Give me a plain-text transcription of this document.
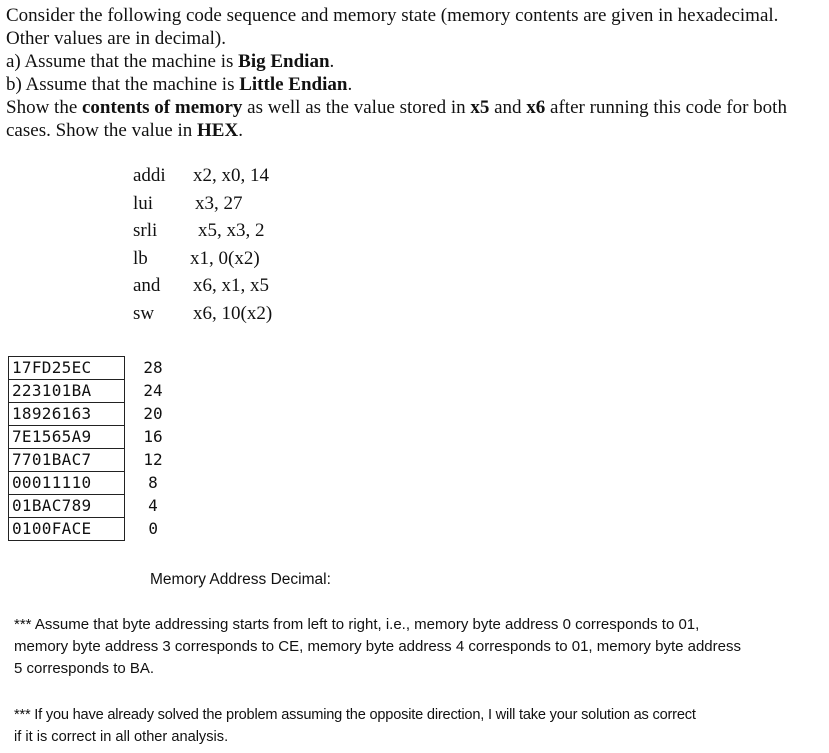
Consider the following code sequence and memory state (memory contents are given in hexadecimal.
Other values are in decimal).
a) Assume that the machine is Big Endian.
b) Assume that the machine is Little Endian.
Show the contents of memory as well as the value stored in x5 and x6 after running this code for both
cases. Show the value in HEX.
addi x2, x0, 14
lui x3, 27
srli x5, x3, 2
lb x1, 0(x2)
and x6, x1, x5
sw x6, 10(x2)
17FD25EC	28
223101BA	24
18926163	20
7E1565A9	16
7701BAC7	12
00011110	8
01BAC789	4
0100FACE	0
Memory Address Decimal:
*** Assume that byte addressing starts from left to right, i.e., memory byte address 0 corresponds to 01,
memory byte address 3 corresponds to CE, memory byte address 4 corresponds to 01, memory byte address
5 corresponds to BA.
*** If you have already solved the problem assuming the opposite direction, I will take your solution as correct
if it is correct in all other analysis.
